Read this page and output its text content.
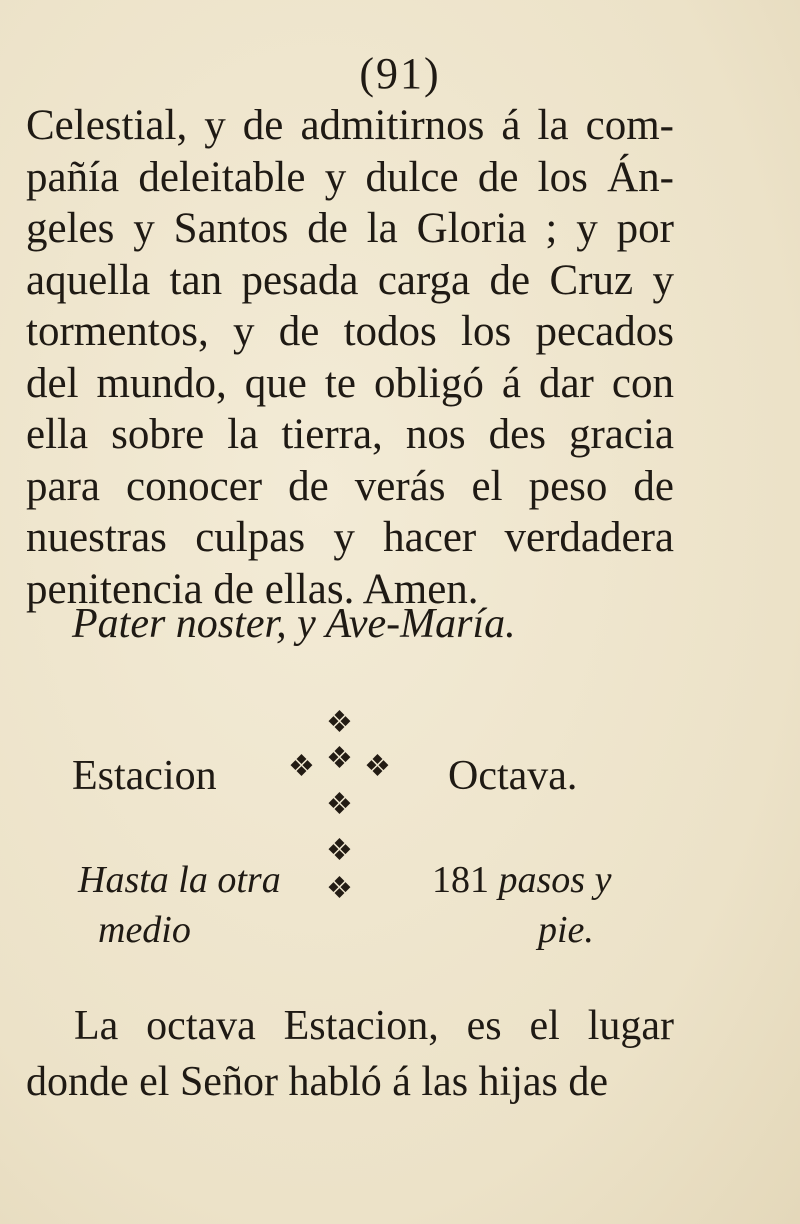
(91)
Celestial, y de admitirnos á la com-
pañía deleitable y dulce de los Án-
geles y Santos de la Gloria ; y por
aquella tan pesada carga de Cruz y
tormentos, y de todos los pecados
del mundo, que te obligó á dar con
ella sobre la tierra, nos des gracia
para conocer de verás el peso de
nuestras culpas y hacer verdadera
penitencia de ellas. Amen.
Pater noster, y Ave-María.
❖
❖ ❖ ❖
❖
❖
❖
Estacion	Octava.
Hasta la otra
medio
181 pasos y
pie.
La octava Estacion, es el lugar
donde el Señor habló á las hijas de
